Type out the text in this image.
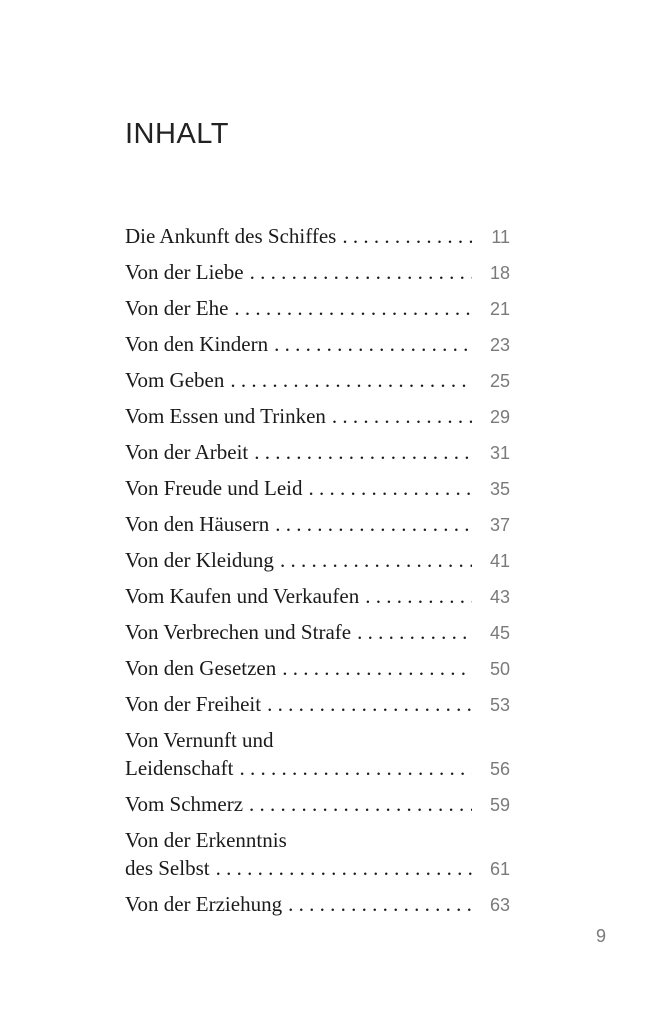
INHALT
Die Ankunft des Schiffes . . .	11
Von der Liebe . . .	18
Von der Ehe . . .	21
Von den Kindern . . .	23
Vom Geben . . .	25
Vom Essen und Trinken . . .	29
Von der Arbeit . . .	31
Von Freude und Leid . . .	35
Von den Häusern . . .	37
Von der Kleidung . . .	41
Vom Kaufen und Verkaufen . . .	43
Von Verbrechen und Strafe . . .	45
Von den Gesetzen . . .	50
Von der Freiheit . . .	53
Von Vernunft und
Leidenschaft . . .	56
Vom Schmerz . . .	59
Von der Erkenntnis
des Selbst . . .	61
Von der Erziehung . . .	63
9
